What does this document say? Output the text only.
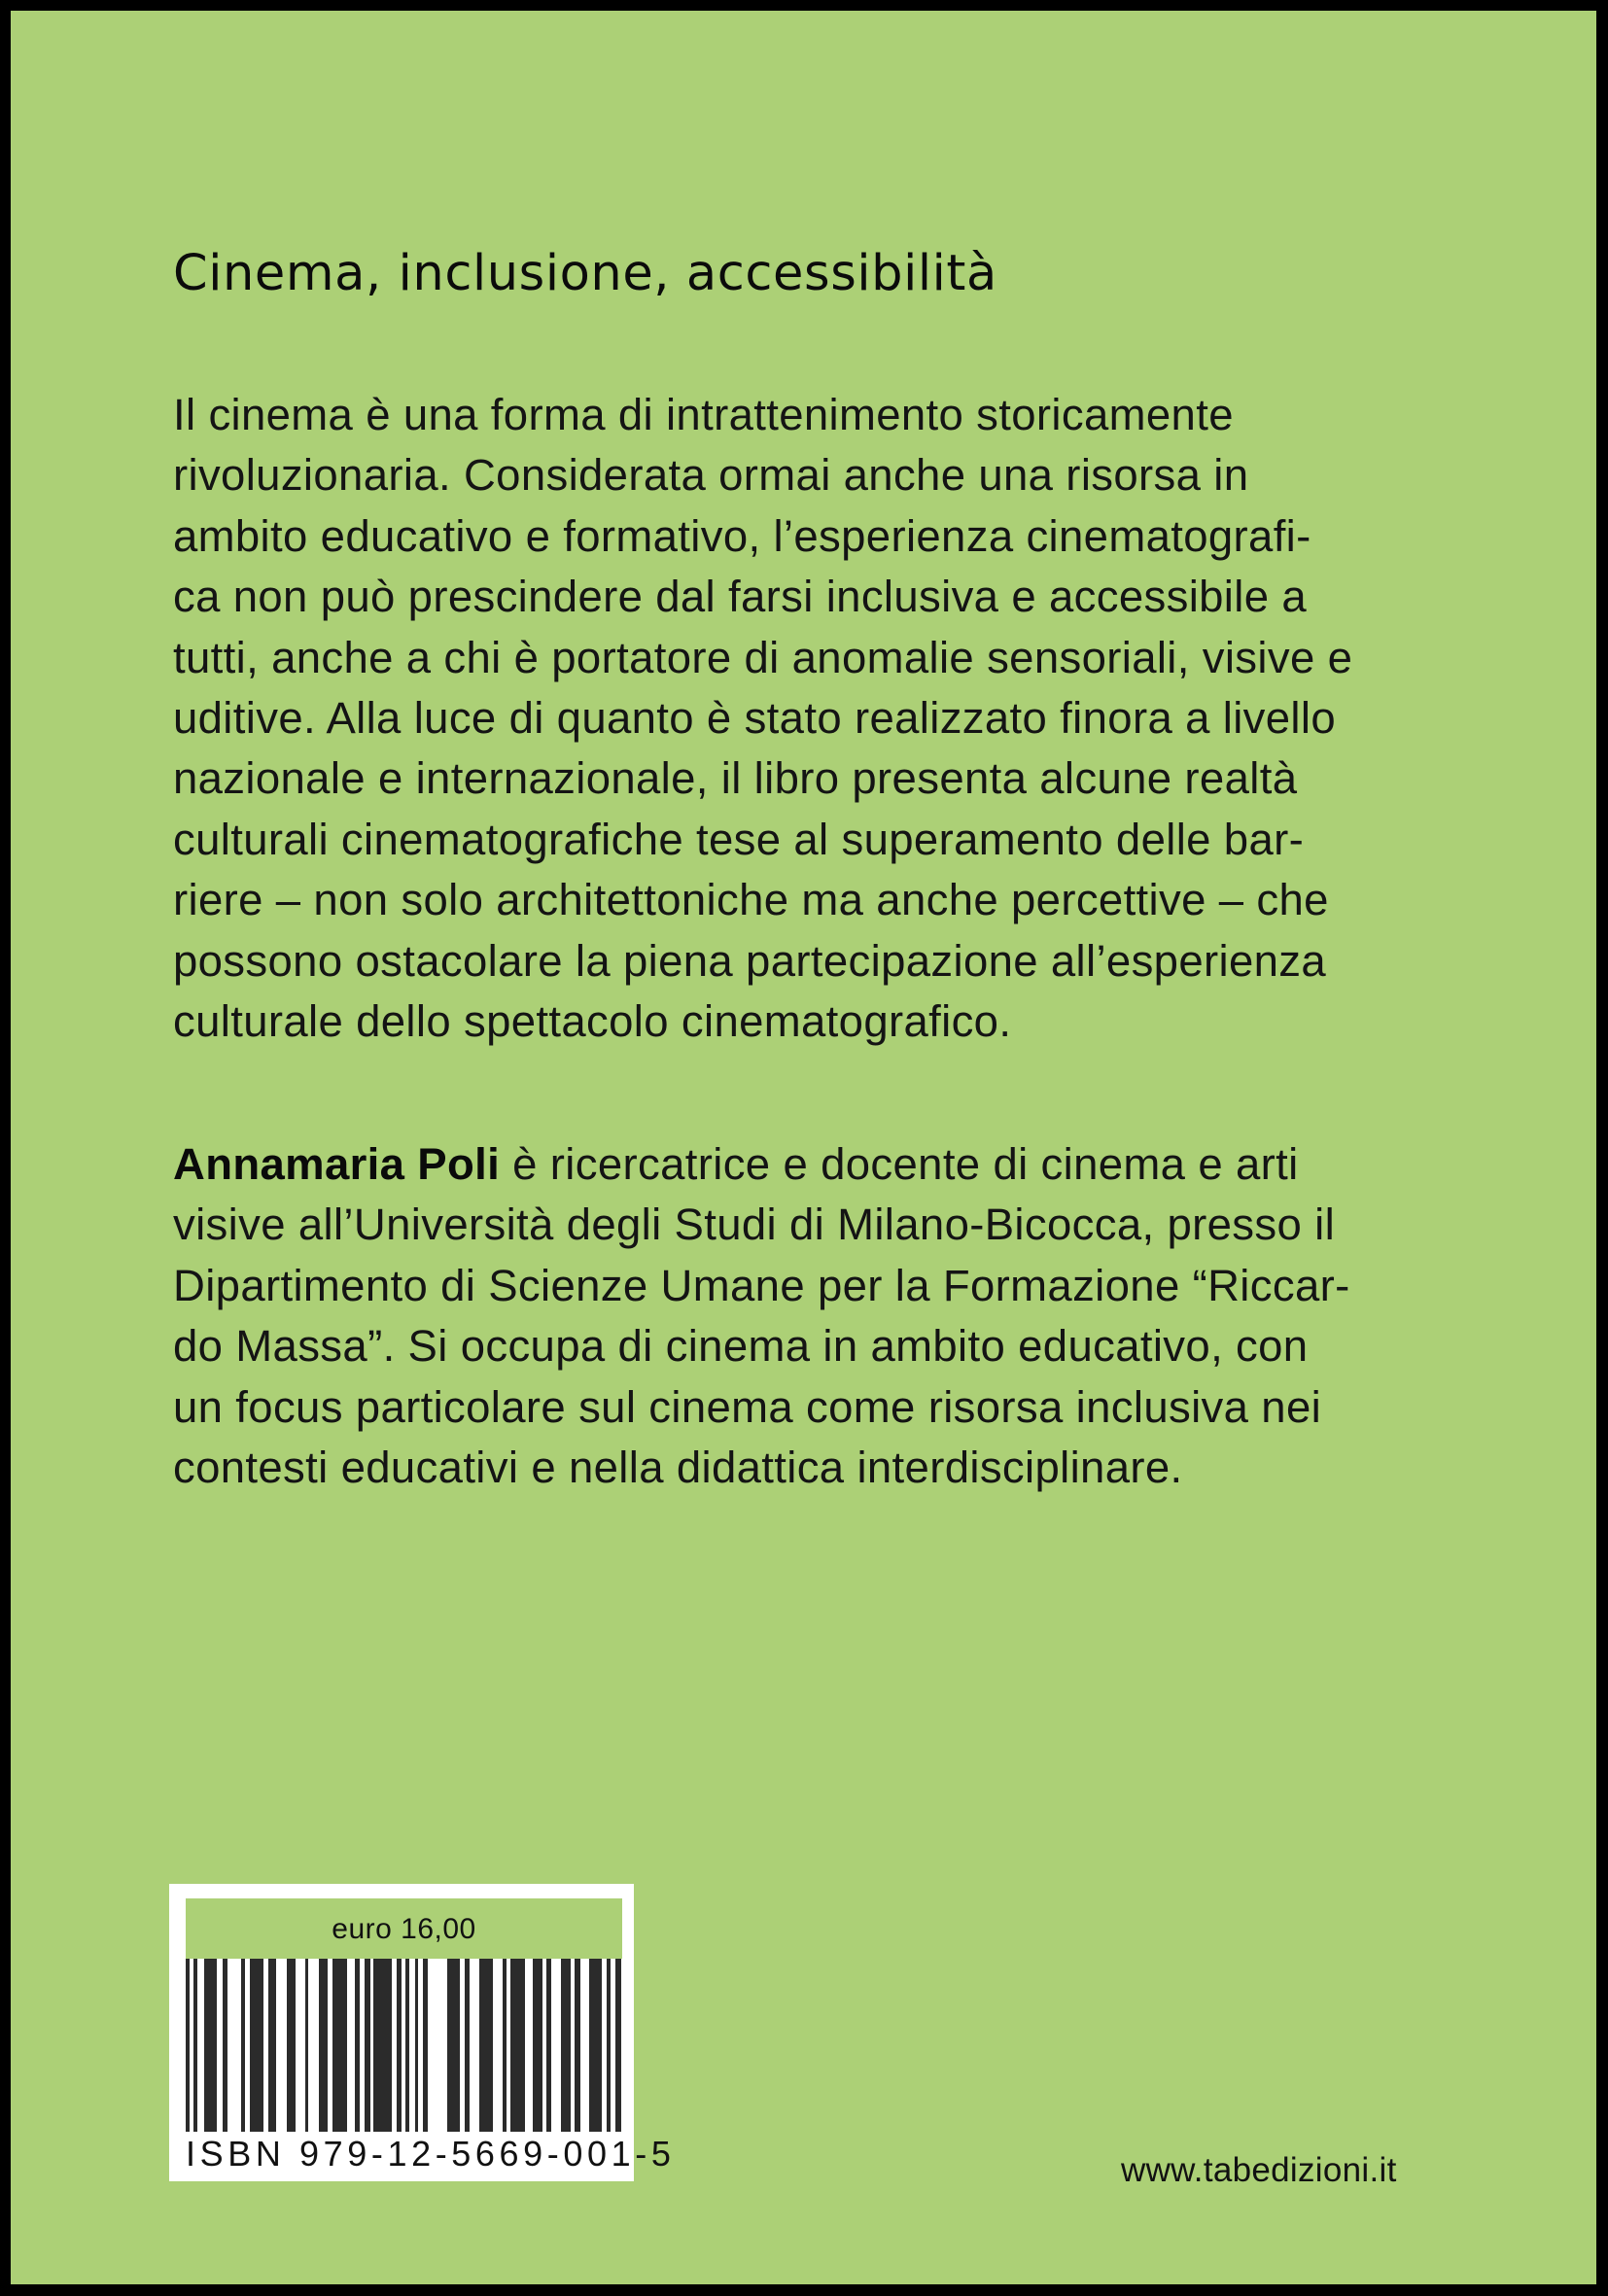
Cinema, inclusione, accessibilità

Il cinema è una forma di intrattenimento storicamente
rivoluzionaria. Considerata ormai anche una risorsa in
ambito educativo e formativo, l’esperienza cinematografi-
ca non può prescindere dal farsi inclusiva e accessibile a
tutti, anche a chi è portatore di anomalie sensoriali, visive e
uditive. Alla luce di quanto è stato realizzato finora a livello
nazionale e internazionale, il libro presenta alcune realtà
culturali cinematografiche tese al superamento delle bar-
riere – non solo architettoniche ma anche percettive – che
possono ostacolare la piena partecipazione all’esperienza
culturale dello spettacolo cinematografico.

Annamaria Poli è ricercatrice e docente di cinema e arti
visive all’Università degli Studi di Milano-Bicocca, presso il
Dipartimento di Scienze Umane per la Formazione “Riccar-
do Massa”. Si occupa di cinema in ambito educativo, con
un focus particolare sul cinema come risorsa inclusiva nei
contesti educativi e nella didattica interdisciplinare.

euro 16,00
ISBN 979-12-5669-001-5	www.tabedizioni.it
